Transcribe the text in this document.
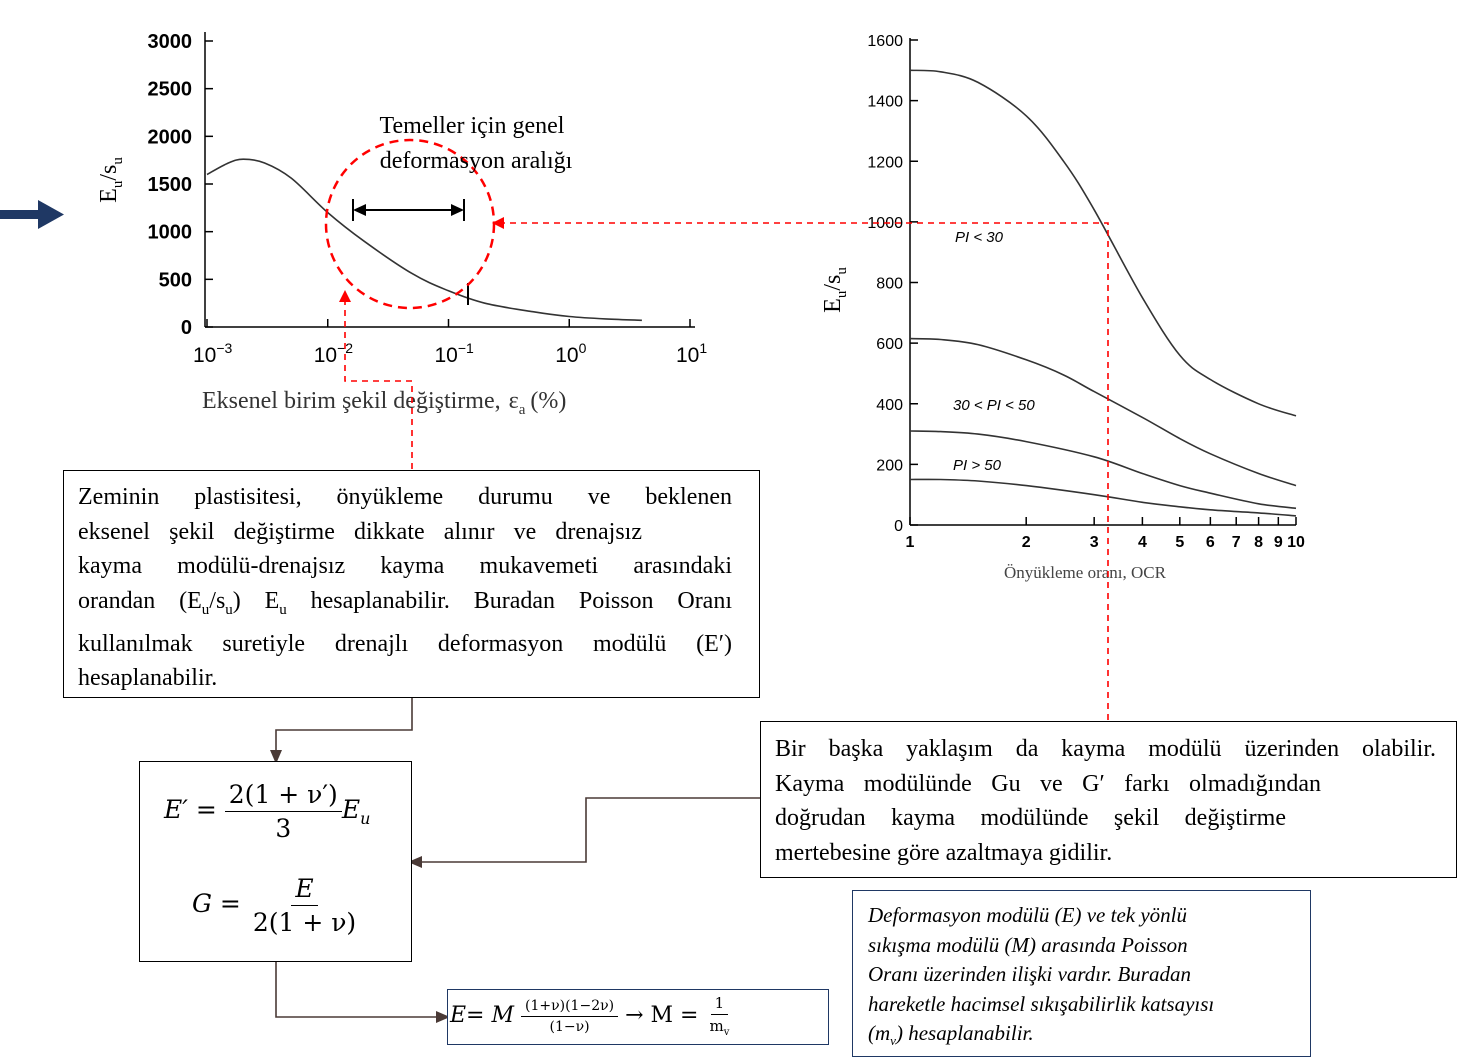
3000
2500
2000
1500
1000
500
0
$10^{-3}$	$10^{-2}$	$10^{-1}$	$10^0$	$10^1$
$E_u/s_u$
Eksenel birim şekil değiştirme, $\varepsilon_a$ (%)
Temeller için genel
deformasyon aralığı
1600
1400
1200
1000
800
600
400
200
0
1	2	3 4 5 6 7 8 9 10
$E_u/s_u$
Önyükleme oranı, OCR
PI < 30
30 < PI < 50
PI > 50
Zeminin plastisitesi, önyükleme durumu ve beklenen
eksenel şekil değiştirme dikkate alınır ve drenajsız
kayma modülü-drenajsız kayma mukavemeti arasındaki
orandan $(E_u/s_u)$ $E_u$ hesaplanabilir. Buradan Poisson Oranı
kullanılmak suretiyle drenajlı deformasyon modülü (E′)
hesaplanabilir.
Bir başka yaklaşım da kayma modülü üzerinden olabilir.
Kayma modülünde Gu ve G′ farkı olmadığından
doğrudan kayma modülünde şekil değiştirme
mertebesine göre azaltmaya gidilir.
$E' = \frac{2(1 + \nu')}{3} E_u$
$G = \frac{E}{2(1 + \nu)}$
E= M $\frac{(1+\nu)(1-2\nu)}{(1-\nu)} \to M = \frac{1}{m_v}$
Deformasyon modülü (E) ve tek yönlü
sıkışma modülü (M) arasında Poisson
Oranı üzerinden ilişki vardır. Buradan
hareketle hacimsel sıkışabilirlik katsayısı
$(m_v)$ hesaplanabilir.
